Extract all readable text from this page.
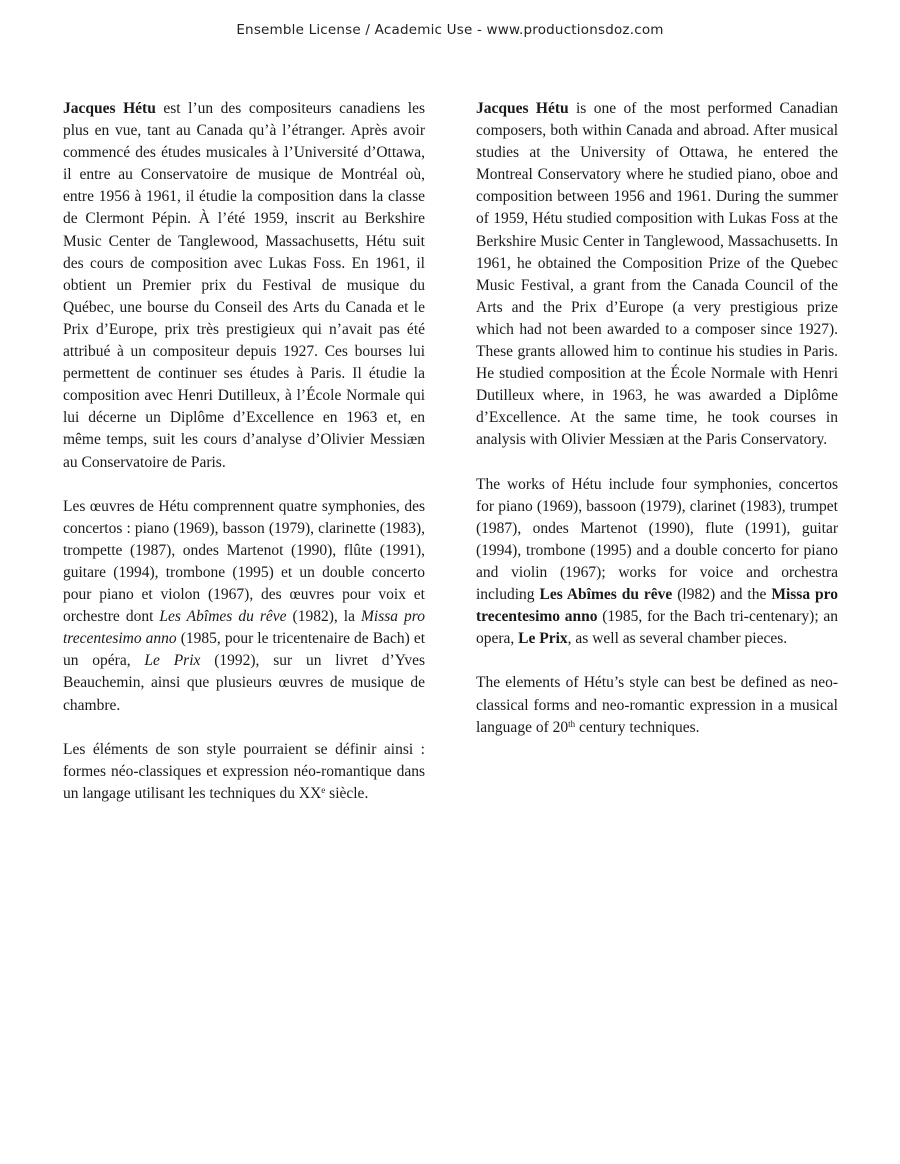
Ensemble License / Academic Use - www.productionsdoz.com

Jacques Hétu est l’un des compositeurs canadiens les plus en vue, tant au Canada qu’à l’étranger. Après avoir commencé des études musicales à l’Université d’Ottawa, il entre au Conservatoire de musique de Montréal où, entre 1956 à 1961, il étudie la composition dans la classe de Clermont Pépin. À l’été 1959, inscrit au Berkshire Music Center de Tanglewood, Massachusetts, Hétu suit des cours de composition avec Lukas Foss. En 1961, il obtient un Premier prix du Festival de musique du Québec, une bourse du Conseil des Arts du Canada et le Prix d’Europe, prix très prestigieux qui n’avait pas été attribué à un compositeur depuis 1927. Ces bourses lui permettent de continuer ses études à Paris. Il étudie la composition avec Henri Dutilleux, à l’École Normale qui lui décerne un Diplôme d’Excellence en 1963 et, en même temps, suit les cours d’analyse d’Olivier Messiæn au Conservatoire de Paris.

Les œuvres de Hétu comprennent quatre symphonies, des concertos : piano (1969), basson (1979), clarinette (1983), trompette (1987), ondes Martenot (1990), flûte (1991), guitare (1994), trombone (1995) et un double concerto pour piano et violon (1967), des œuvres pour voix et orchestre dont Les Abîmes du rêve (1982), la Missa pro trecentesimo anno (1985, pour le tricentenaire de Bach) et un opéra, Le Prix (1992), sur un livret d’Yves Beauchemin, ainsi que plusieurs œuvres de musique de chambre.

Les éléments de son style pourraient se définir ainsi : formes néo-classiques et expression néo-romantique dans un langage utilisant les techniques du XXe siècle.

Jacques Hétu is one of the most performed Canadian composers, both within Canada and abroad. After musical studies at the University of Ottawa, he entered the Montreal Conservatory where he studied piano, oboe and composition between 1956 and 1961. During the summer of 1959, Hétu studied composition with Lukas Foss at the Berkshire Music Center in Tanglewood, Massachusetts. In 1961, he obtained the Composition Prize of the Quebec Music Festival, a grant from the Canada Council of the Arts and the Prix d’Europe (a very prestigious prize which had not been awarded to a composer since 1927). These grants allowed him to continue his studies in Paris. He studied composition at the École Normale with Henri Dutilleux where, in 1963, he was awarded a Diplôme d’Excellence. At the same time, he took courses in analysis with Olivier Messiæn at the Paris Conservatory.

The works of Hétu include four symphonies, concertos for piano (1969), bassoon (1979), clarinet (1983), trumpet (1987), ondes Martenot (1990), flute (1991), guitar (1994), trombone (1995) and a double concerto for piano and violin (1967); works for voice and orchestra including Les Abîmes du rêve (l982) and the Missa pro trecentesimo anno (1985, for the Bach tri-centenary); an opera, Le Prix, as well as several chamber pieces.

The elements of Hétu’s style can best be defined as neo-classical forms and neo-romantic expression in a musical language of 20th century techniques.
